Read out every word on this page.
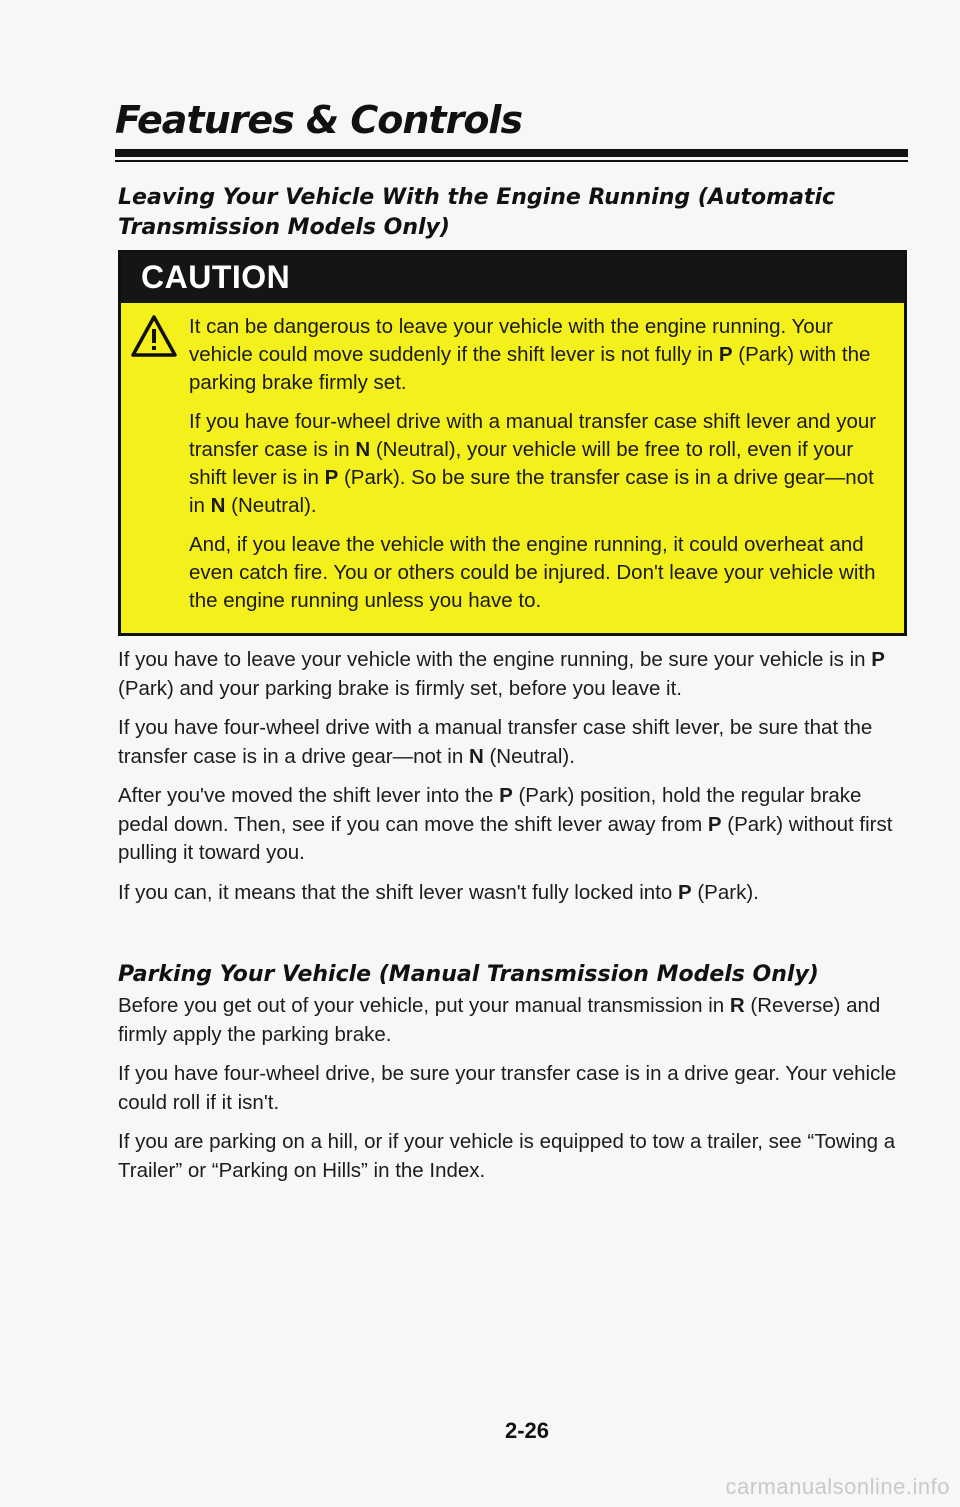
Features & Controls
Leaving Your Vehicle With the Engine Running (Automatic
Transmission Models Only)
CAUTION

It can be dangerous to leave your vehicle with the engine running. Your vehicle could move suddenly if the shift lever is not fully in P (Park) with the parking brake firmly set.

If you have four-wheel drive with a manual transfer case shift lever and your transfer case is in N (Neutral), your vehicle will be free to roll, even if your shift lever is in P (Park). So be sure the transfer case is in a drive gear—not in N (Neutral).

And, if you leave the vehicle with the engine running, it could overheat and even catch fire. You or others could be injured. Don't leave your vehicle with the engine running unless you have to.

If you have to leave your vehicle with the engine running, be sure your vehicle is in P (Park) and your parking brake is firmly set, before you leave it.

If you have four-wheel drive with a manual transfer case shift lever, be sure that the transfer case is in a drive gear—not in N (Neutral).

After you've moved the shift lever into the P (Park) position, hold the regular brake pedal down. Then, see if you can move the shift lever away from P (Park) without first pulling it toward you.

If you can, it means that the shift lever wasn't fully locked into P (Park).

Parking Your Vehicle (Manual Transmission Models Only)

Before you get out of your vehicle, put your manual transmission in R (Reverse) and firmly apply the parking brake.

If you have four-wheel drive, be sure your transfer case is in a drive gear. Your vehicle could roll if it isn't.

If you are parking on a hill, or if your vehicle is equipped to tow a trailer, see “Towing a Trailer” or “Parking on Hills” in the Index.

2-26
carmanualsonline.info
